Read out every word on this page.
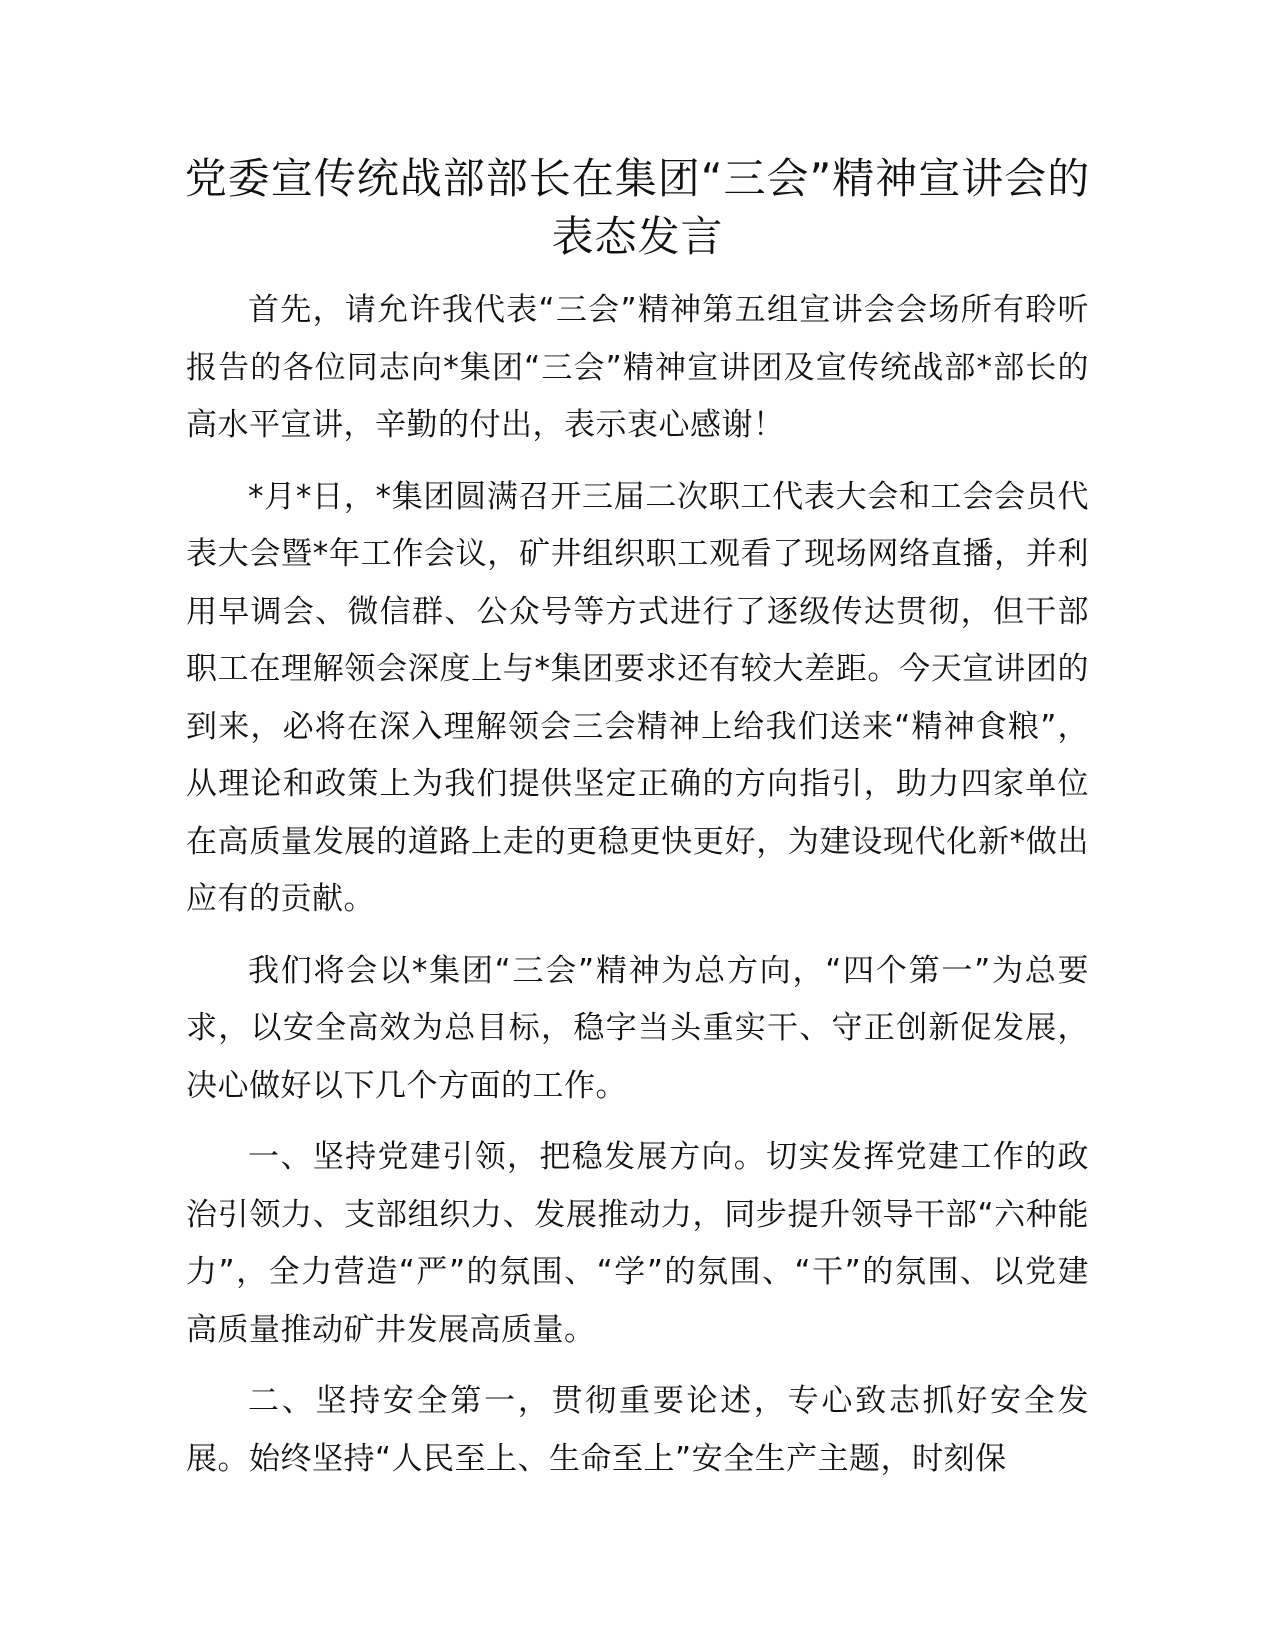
党委宣传统战部部长在集团“三会”精神宣讲会的表态发言

首先，请允许我代表“三会”精神第五组宣讲会会场所有聆听报告的各位同志向*集团“三会”精神宣讲团及宣传统战部*部长的高水平宣讲，辛勤的付出，表示衷心感谢！

*月*日，*集团圆满召开三届二次职工代表大会和工会会员代表大会暨*年工作会议，矿井组织职工观看了现场网络直播，并利用早调会、微信群、公众号等方式进行了逐级传达贯彻，但干部职工在理解领会深度上与*集团要求还有较大差距。今天宣讲团的到来，必将在深入理解领会三会精神上给我们送来“精神食粮”，从理论和政策上为我们提供坚定正确的方向指引，助力四家单位在高质量发展的道路上走的更稳更快更好，为建设现代化新*做出应有的贡献。

我们将会以*集团“三会”精神为总方向，“四个第一”为总要求，以安全高效为总目标，稳字当头重实干、守正创新促发展，决心做好以下几个方面的工作。

一、坚持党建引领，把稳发展方向。切实发挥党建工作的政治引领力、支部组织力、发展推动力，同步提升领导干部“六种能力”，全力营造“严”的氛围、“学”的氛围、“干”的氛围、以党建高质量推动矿井发展高质量。

二、坚持安全第一，贯彻重要论述，专心致志抓好安全发展。始终坚持“人民至上、生命至上”安全生产主题，时刻保
